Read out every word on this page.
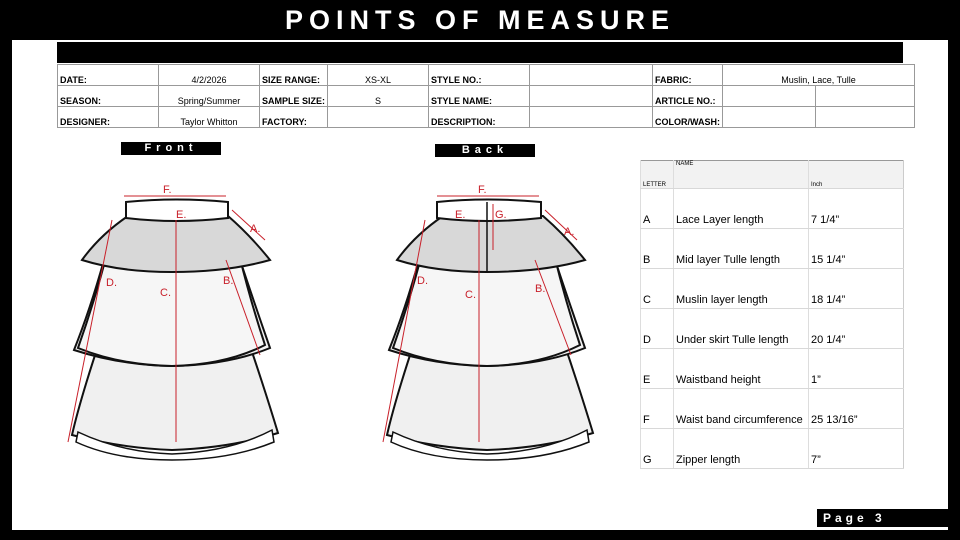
POINTS OF MEASURE
DATE:	4/2/2026	SIZE RANGE:	XS-XL	STYLE NO.:		FABRIC:	Muslin, Lace, Tulle	
SEASON:	Spring/Summer	SAMPLE SIZE:	S	STYLE NAME:		ARTICLE NO.:		
DESIGNER:	Taylor Whitton	FACTORY:		DESCRIPTION:		COLOR/WASH:		
Front	Back
F.
E.
A.
B.
C.
D.
F.
E.	G.
A.
B.
C.
D.
LETTER	NAME	Inch
A	Lace Layer length	7 1/4”
B	Mid layer Tulle length	15 1/4”
C	Muslin layer length	18 1/4”
D	Under skirt Tulle length	20 1/4”
E	Waistband height	1”
F	Waist band circumference	25 13/16”
G	Zipper length	7”
Page 3
